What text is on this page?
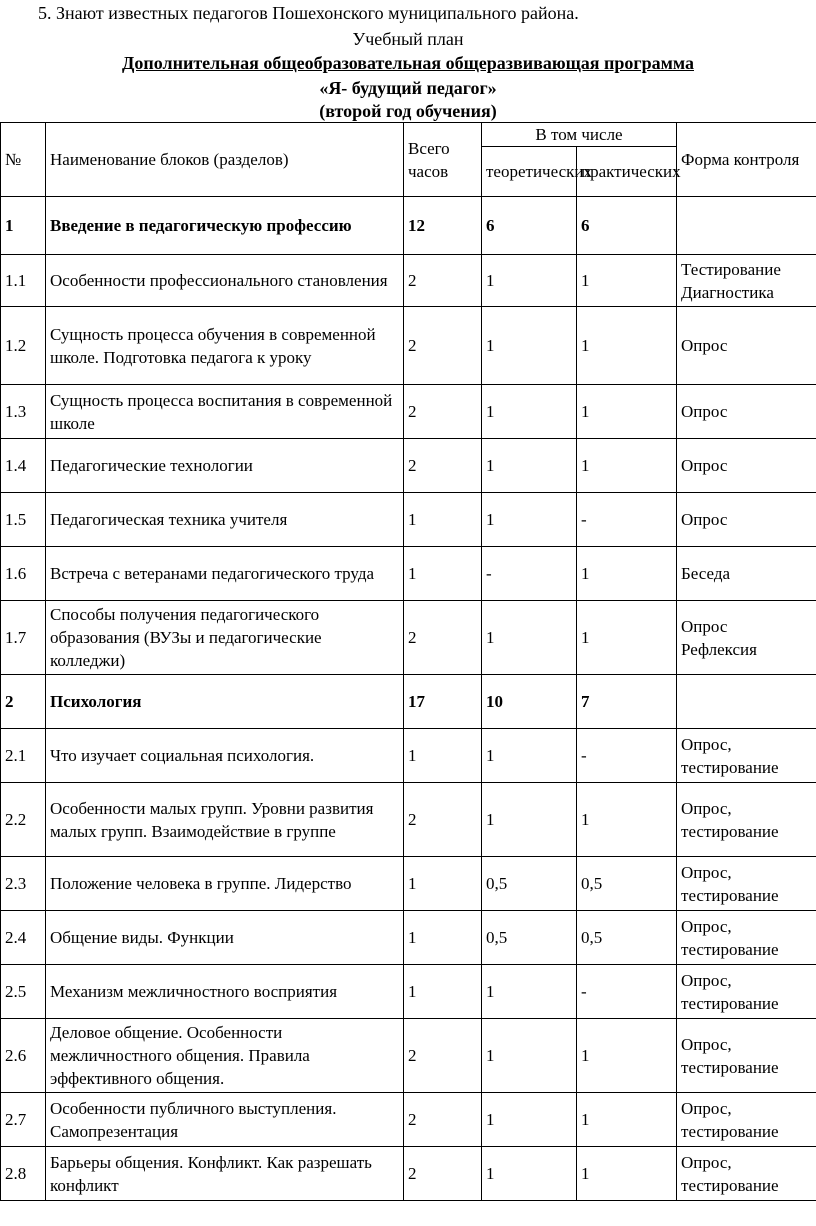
5. Знают известных педагогов Пошехонского муниципального района.
Учебный план
Дополнительная общеобразовательная общеразвивающая программа
«Я- будущий педагог»
(второй год обучения)
№	Наименование блоков (разделов)	Всего часов	В том числе		Форма контроля
			теоретических	практических	
1	Введение в педагогическую профессию	12	6	6	
1.1	Особенности профессионального становления	2	1	1	Тестирование
Диагностика
1.2	Сущность процесса обучения в современной школе. Подготовка педагога к уроку	2	1	1	Опрос
1.3	Сущность процесса воспитания в современной школе	2	1	1	Опрос
1.4	Педагогические технологии	2	1	1	Опрос
1.5	Педагогическая техника учителя	1	1	-	Опрос
1.6	Встреча с ветеранами педагогического труда	1	-	1	Беседа
1.7	Способы получения педагогического образования (ВУЗы и педагогические колледжи)	2	1	1	Опрос
Рефлексия
2	Психология	17	10	7	
2.1	Что изучает социальная психология.	1	1	-	Опрос,
тестирование
2.2	Особенности малых групп. Уровни развития малых групп. Взаимодействие в группе	2	1	1	Опрос,
тестирование
2.3	Положение человека в группе. Лидерство	1	0,5	0,5	Опрос,
тестирование
2.4	Общение виды. Функции	1	0,5	0,5	Опрос,
тестирование
2.5	Механизм межличностного восприятия	1	1	-	Опрос,
тестирование
2.6	Деловое общение. Особенности межличностного общения. Правила эффективного общения.	2	1	1	Опрос,
тестирование
2.7	Особенности публичного выступления. Самопрезентация	2	1	1	Опрос,
тестирование
2.8	Барьеры общения. Конфликт. Как разрешать конфликт	2	1	1	Опрос,
тестирование
